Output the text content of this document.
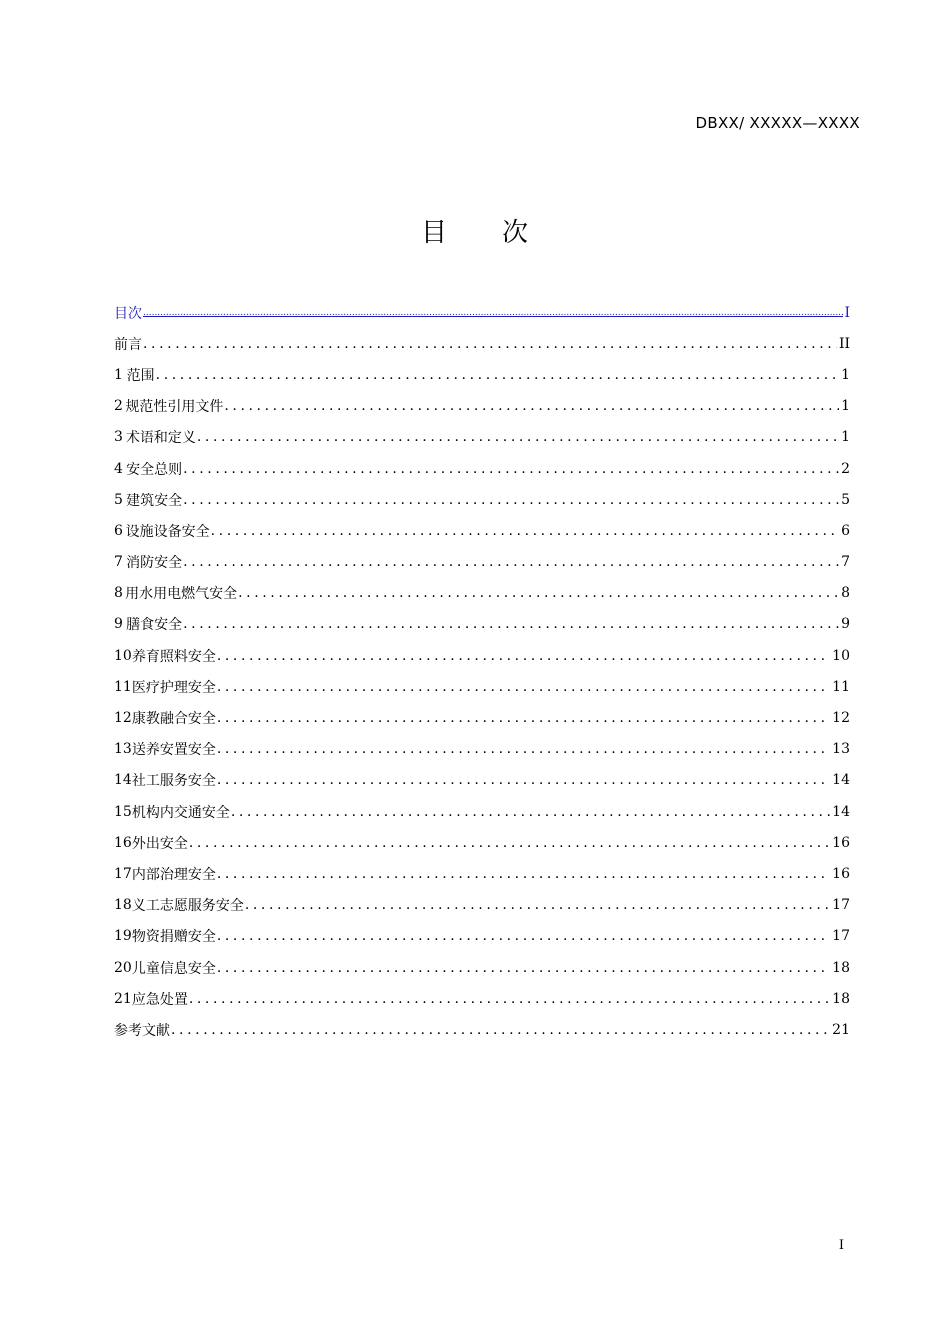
DBXX/ XXXXX—XXXX
目 次
目次 .....	I
前言 .....	II
1 范围 .....	1
2 规范性引用文件 .....	1
3 术语和定义 .....	1
4 安全总则 .....	2
5 建筑安全 .....	5
6 设施设备安全 .....	6
7 消防安全 .....	7
8 用水用电燃气安全 .....	8
9 膳食安全 .....	9
10 养育照料安全 .....	10
11 医疗护理安全 .....	11
12 康教融合安全 .....	12
13 送养安置安全 .....	13
14 社工服务安全 .....	14
15 机构内交通安全 .....	14
16 外出安全 .....	16
17 内部治理安全 .....	16
18 义工志愿服务安全 .....	17
19 物资捐赠安全 .....	17
20 儿童信息安全 .....	18
21 应急处置 .....	18
参考文献 .....	21
I
